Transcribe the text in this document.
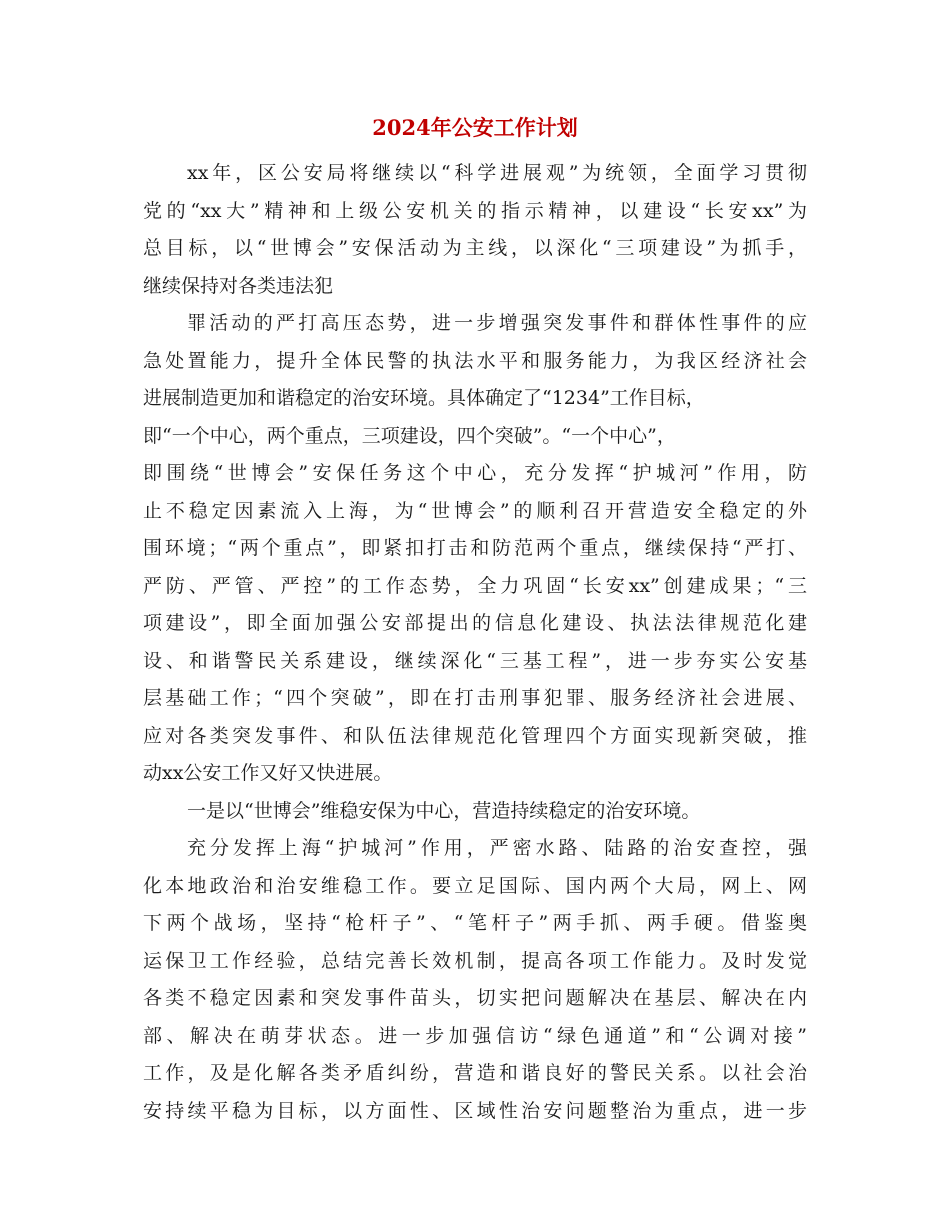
2024年公安工作计划
xx年，区公安局将继续以“科学进展观”为统领，全面学习贯彻
党的“xx大”精神和上级公安机关的指示精神，以建设“长安xx”为
总目标，以“世博会”安保活动为主线，以深化“三项建设”为抓手，
继续保持对各类违法犯
罪活动的严打高压态势，进一步增强突发事件和群体性事件的应
急处置能力，提升全体民警的执法水平和服务能力，为我区经济社会
进展制造更加和谐稳定的治安环境。具体确定了“1234”工作目标，
即“一个中心，两个重点，三项建设，四个突破”。“一个中心”，
即围绕“世博会”安保任务这个中心，充分发挥“护城河”作用，防
止不稳定因素流入上海，为“世博会”的顺利召开营造安全稳定的外
围环境；“两个重点”，即紧扣打击和防范两个重点，继续保持“严打、
严防、严管、严控”的工作态势，全力巩固“长安xx”创建成果；“三
项建设”，即全面加强公安部提出的信息化建设、执法法律规范化建
设、和谐警民关系建设，继续深化“三基工程”，进一步夯实公安基
层基础工作；“四个突破”，即在打击刑事犯罪、服务经济社会进展、
应对各类突发事件、和队伍法律规范化管理四个方面实现新突破，推
动xx公安工作又好又快进展。
一是以“世博会”维稳安保为中心，营造持续稳定的治安环境。
充分发挥上海“护城河”作用，严密水路、陆路的治安查控，强
化本地政治和治安维稳工作。要立足国际、国内两个大局，网上、网
下两个战场，坚持“枪杆子”、“笔杆子”两手抓、两手硬。借鉴奥
运保卫工作经验，总结完善长效机制，提高各项工作能力。及时发觉
各类不稳定因素和突发事件苗头，切实把问题解决在基层、解决在内
部、解决在萌芽状态。进一步加强信访“绿色通道”和“公调对接”
工作，及是化解各类矛盾纠纷，营造和谐良好的警民关系。以社会治
安持续平稳为目标，以方面性、区域性治安问题整治为重点，进一步
